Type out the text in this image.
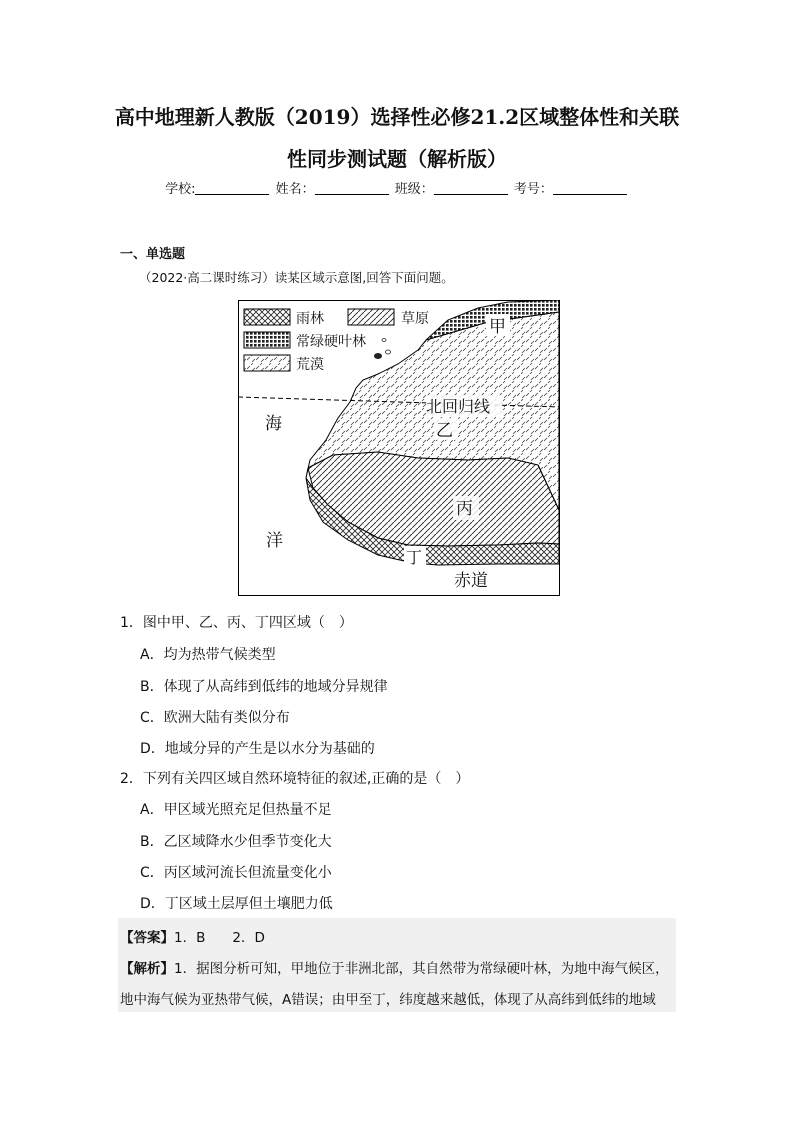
高中地理新人教版（2019）选择性必修21.2区域整体性和关联
性同步测试题（解析版）
学校:	姓名：	班级：	考号：
一、单选题
（2022·高二课时练习）读某区域示意图,回答下面问题。
雨林	草原
常绿硬叶林
荒漠
甲
北回归线
乙
丙
丁
赤道
海
洋
1．图中甲、乙、丙、丁四区域（　）
A．均为热带气候类型
B．体现了从高纬到低纬的地域分异规律
C．欧洲大陆有类似分布
D．地域分异的产生是以水分为基础的
2．下列有关四区域自然环境特征的叙述,正确的是（　）
A．甲区域光照充足但热量不足
B．乙区域降水少但季节变化大
C．丙区域河流长但流量变化小
D．丁区域土层厚但土壤肥力低
【答案】1．B　　2．D
【解析】1．据图分析可知，甲地位于非洲北部，其自然带为常绿硬叶林，为地中海气候区，
地中海气候为亚热带气候，A错误；由甲至丁，纬度越来越低，体现了从高纬到低纬的地域
